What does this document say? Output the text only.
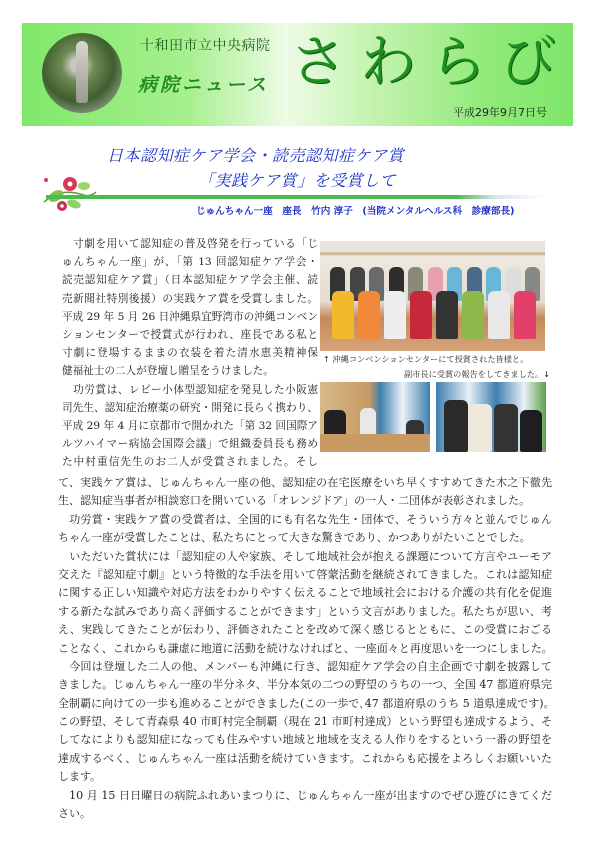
十和田市立中央病院
病院ニュース さわらび
平成29年9月7日号
日本認知症ケア学会・読売認知症ケア賞
「実践ケア賞」を受賞して
じゅんちゃん一座　座長　竹内 淳子　(当院メンタルヘルス科　診療部長)
　寸劇を用いて認知症の普及啓発を行っている「じ
ゅんちゃん一座」が、「第 13 回認知症ケア学会・
読売認知症ケア賞」（日本認知症ケア学会主催、読
売新聞社特別後援）の実践ケア賞を受賞しました。
平成 29 年 5 月 26 日沖縄県宜野湾市の沖縄コンベン
ションセンターで授賞式が行われ、座長である私と
寸劇に登場するままの衣装を着た清水恵美精神保
健福祉士の二人が登壇し贈呈をうけました。
　功労賞は、レビー小体型認知症を発見した小阪憲
司先生、認知症治療薬の研究・開発に長らく携わり、
平成 29 年 4 月に京都市で開かれた「第 32 回国際ア
ルツハイマー病協会国際会議」で組織委員長も務め
た中村重信先生のお二人が受賞されました。そし
↑ 沖縄コンベンションセンターにて授賞された皆様と。
副市長に受賞の報告をしてきました。↓
て、実践ケア賞は、じゅんちゃん一座の他、認知症の在宅医療をいち早くすすめてきた木之下徹先
生、認知症当事者が相談窓口を開いている「オレンジドア」の一人・二団体が表彰されました。
　功労賞・実践ケア賞の受賞者は、全国的にも有名な先生・団体で、そういう方々と並んでじゅん
ちゃん一座が受賞したことは、私たちにとって大きな驚きであり、かつありがたいことでした。
　いただいた賞状には「認知症の人や家族、そして地域社会が抱える課題について方言やユーモア
交えた『認知症寸劇』という特徴的な手法を用いて啓蒙活動を継続されてきました。これは認知症
に関する正しい知識や対応方法をわかりやすく伝えることで地域社会における介護の共有化を促進
する新たな試みであり高く評価することができます」という文言がありました。私たちが思い、考
え、実践してきたことが伝わり、評価されたことを改めて深く感じるとともに、この受賞におごる
ことなく、これからも謙虚に地道に活動を続けなければと、一座面々と再度思いを一つにしました。
　今回は登壇した二人の他、メンバーも沖縄に行き、認知症ケア学会の自主企画で寸劇を披露して
きました。じゅんちゃん一座の半分ネタ、半分本気の二つの野望のうちの一つ、全国 47 都道府県完
全制覇に向けての一歩も進めることができました(この一歩で､47 都道府県のうち 5 道県達成です)。
この野望、そして青森県 40 市町村完全制覇（現在 21 市町村達成）という野望も達成するよう、そ
してなによりも認知症になっても住みやすい地域と地域を支える人作りをするという一番の野望を
達成するべく、じゅんちゃん一座は活動を続けていきます。これからも応援をよろしくお願いいた
します。
　10 月 15 日日曜日の病院ふれあいまつりに、じゅんちゃん一座が出ますのでぜひ遊びにきてくだ
さい。
